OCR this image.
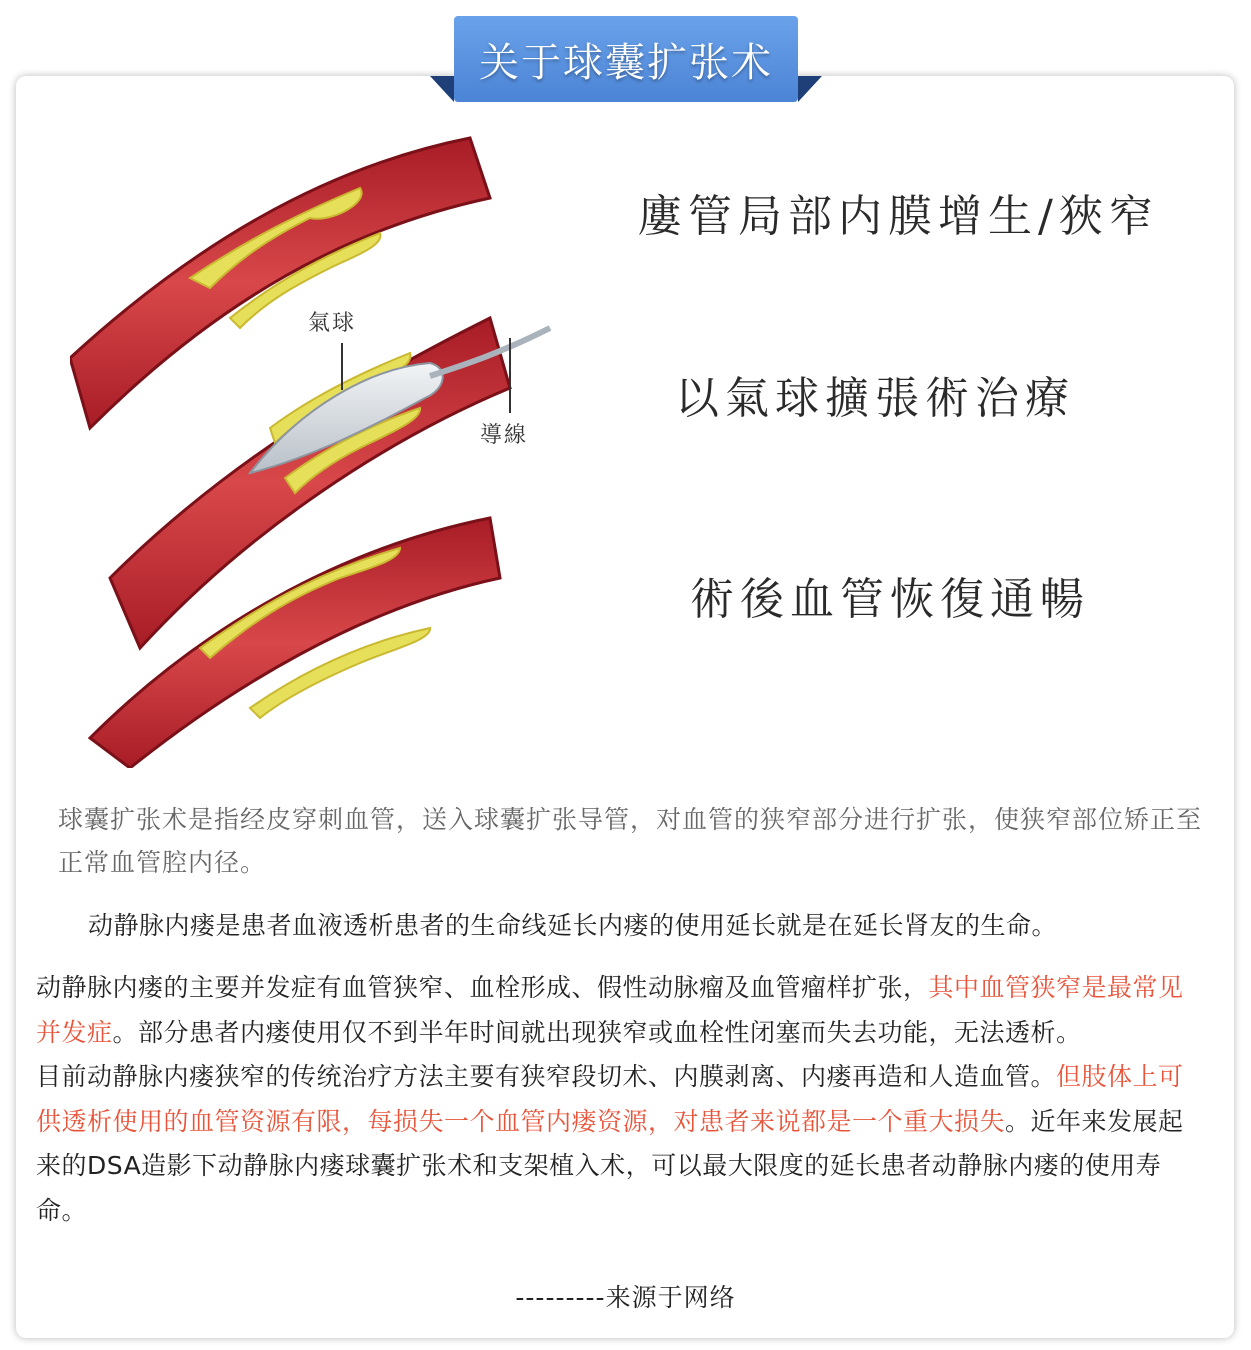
关于球囊扩张术
氣球
導線
廔管局部内膜增生/狹窄
以氣球擴張術治療
術後血管恢復通暢
球囊扩张术是指经皮穿刺血管，送入球囊扩张导管，对血管的狭窄部分进行扩张，使狭窄部位矫正至正常血管腔内径。
动静脉内瘘是患者血液透析患者的生命线延长内瘘的使用延长就是在延长肾友的生命。
动静脉内瘘的主要并发症有血管狭窄、血栓形成、假性动脉瘤及血管瘤样扩张，其中血管狭窄是最常见并发症。部分患者内瘘使用仅不到半年时间就出现狭窄或血栓性闭塞而失去功能，无法透析。
目前动静脉内瘘狭窄的传统治疗方法主要有狭窄段切术、内膜剥离、内瘘再造和人造血管。但肢体上可供透析使用的血管资源有限，每损失一个血管内瘘资源，对患者来说都是一个重大损失。近年来发展起来的DSA造影下动静脉内瘘球囊扩张术和支架植入术，可以最大限度的延长患者动静脉内瘘的使用寿命。
---------来源于网络
